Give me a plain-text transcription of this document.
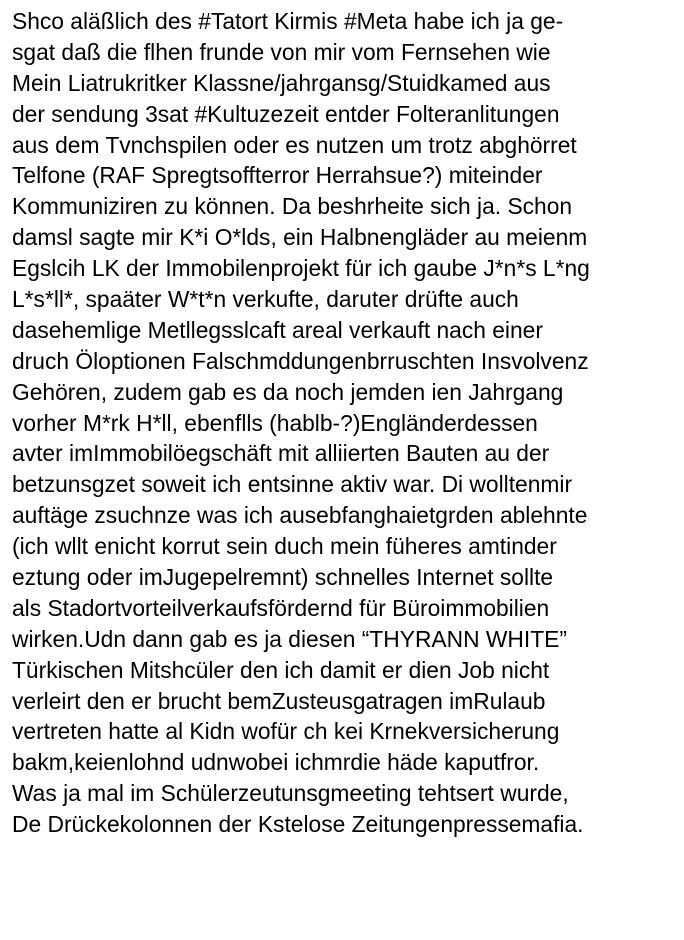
Shco aläßlich des #Tatort Kirmis #Meta habe ich ja ge-
sgat daß die flhen frunde von mir vom Fernsehen wie
Mein Liatrukritker Klassne/jahrgansg/Stuidkamed aus
der sendung 3sat #Kultuzezeit entder Folteranlitungen
aus dem Tvnchspilen oder es nutzen um trotz abghörret
Telfone (RAF Spregtsoffterror Herrahsue?) miteinder
Kommuniziren zu können. Da beshrheite sich ja. Schon
damsl sagte mir K*i O*lds, ein Halbnengläder au meienm
Egslcih LK der Immobilenprojekt für ich gaube J*n*s L*ng
L*s*ll*, spaäter W*t*n verkufte, daruter drüfte auch
dasehemlige Metllegsslcaft areal verkauft nach einer
druch Öloptionen Falschmddungenbrruschten Insvolvenz
Gehören, zudem gab es da noch jemden ien Jahrgang
vorher M*rk H*ll, ebenflls (hablb-?)Engländerdessen
avter imImmobilöegschäft mit alliierten Bauten au der
betzunsgzet soweit ich entsinne aktiv war. Di wolltenmir
auftäge zsuchnze was ich ausebfanghaietgrden ablehnte
(ich wllt enicht korrut sein duch mein füheres amtinder
eztung oder imJugepelremnt) schnelles Internet sollte
als Stadortvorteilverkaufsfördernd für Büroimmobilien
wirken.Udn dann gab es ja diesen “THYRANN WHITE”
Türkischen Mitshcüler den ich damit er dien Job nicht
verleirt den er brucht bemZusteusgatragen imRulaub
vertreten hatte al Kidn wofür ch kei Krnekversicherung
bakm,keienlohnd udnwobei ichmrdie häde kaputfror.
Was ja mal im Schülerzeutunsgmeeting tehtsert wurde,
De Drückekolonnen der Kstelose Zeitungenpressemafia.
